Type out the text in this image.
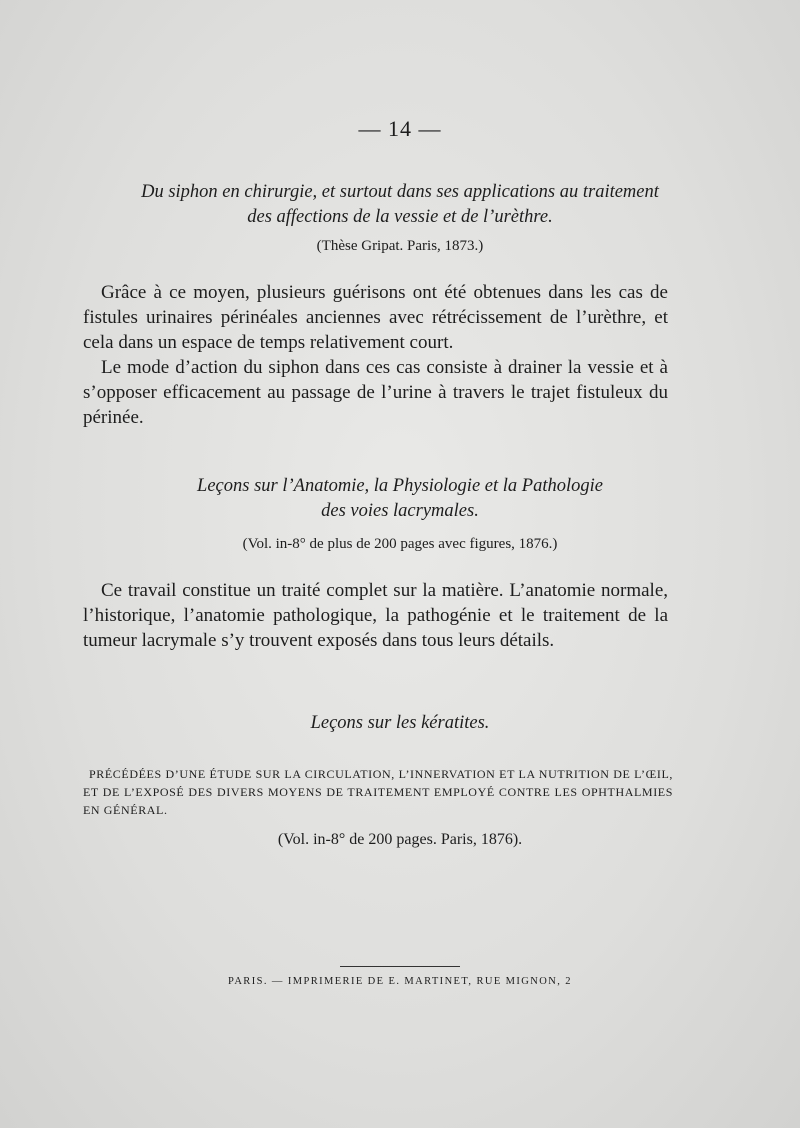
— 14 —
Du siphon en chirurgie, et surtout dans ses applications au traitement
des affections de la vessie et de l’urèthre.
(Thèse Gripat. Paris, 1873.)

Grâce à ce moyen, plusieurs guérisons ont été obtenues dans les cas de fistules urinaires périnéales anciennes avec rétrécissement de l’urèthre, et cela dans un espace de temps relativement court.

Le mode d’action du siphon dans ces cas consiste à drainer la vessie et à s’opposer efficacement au passage de l’urine à travers le trajet fistuleux du périnée.

Leçons sur l’Anatomie, la Physiologie et la Pathologie
des voies lacrymales.
(Vol. in-8° de plus de 200 pages avec figures, 1876.)

Ce travail constitue un traité complet sur la matière. L’anatomie normale, l’historique, l’anatomie pathologique, la pathogénie et le traitement de la tumeur lacrymale s’y trouvent exposés dans tous leurs détails.

Leçons sur les kératites.
PRÉCÉDÉES D’UNE ÉTUDE SUR LA CIRCULATION, L’INNERVATION ET LA NUTRITION DE L’ŒIL, ET DE L’EXPOSÉ DES DIVERS MOYENS DE TRAITEMENT EMPLOYÉ CONTRE LES OPHTHALMIES EN GÉNÉRAL.
(Vol. in-8° de 200 pages. Paris, 1876).
PARIS. — IMPRIMERIE DE E. MARTINET, RUE MIGNON, 2
